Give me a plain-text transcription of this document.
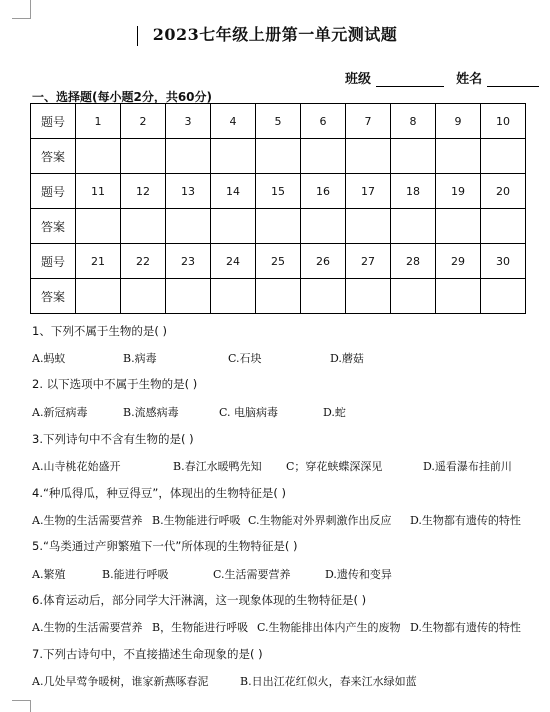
2023七年级上册第一单元测试题
班级	姓名
一、选择题(每小题2分，共60分)
题号	1	2	3	4	5	6	7	8	9	10
答案										
题号	11	12	13	14	15	16	17	18	19	20
答案										
题号	21	22	23	24	25	26	27	28	29	30
答案										
1、下列不属于生物的是( )
A.蚂蚁	B.病毒	C.石块	D.蘑菇
2. 以下选项中不属于生物的是( )
A.新冠病毒	B.流感病毒	C. 电脑病毒	D.蛇
3.下列诗句中不含有生物的是( )
A.山寺桃花始盛开	B.春江水暖鸭先知 C；穿花蛱蝶深深见	D.遥看瀑布挂前川
4.“种瓜得瓜，种豆得豆”，体现出的生物特征是( )
A.生物的生活需要营养 B.生物能进行呼吸 C.生物能对外界刺激作出反应 D.生物都有遗传的特性
5.“鸟类通过产卵繁殖下一代”所体现的生物特征是( )
A.繁殖	B.能进行呼吸	C.生活需要营养	D.遗传和变异
6.体育运动后，部分同学大汗淋漓，这一现象体现的生物特征是( )
A.生物的生活需要营养 B，生物能进行呼吸 C.生物能排出体内产生的废物 D.生物都有遗传的特性
7.下列古诗句中，不直接描述生命现象的是( )
A.几处早莺争暖树，谁家新燕啄春泥	B.日出江花红似火，春来江水绿如蓝
